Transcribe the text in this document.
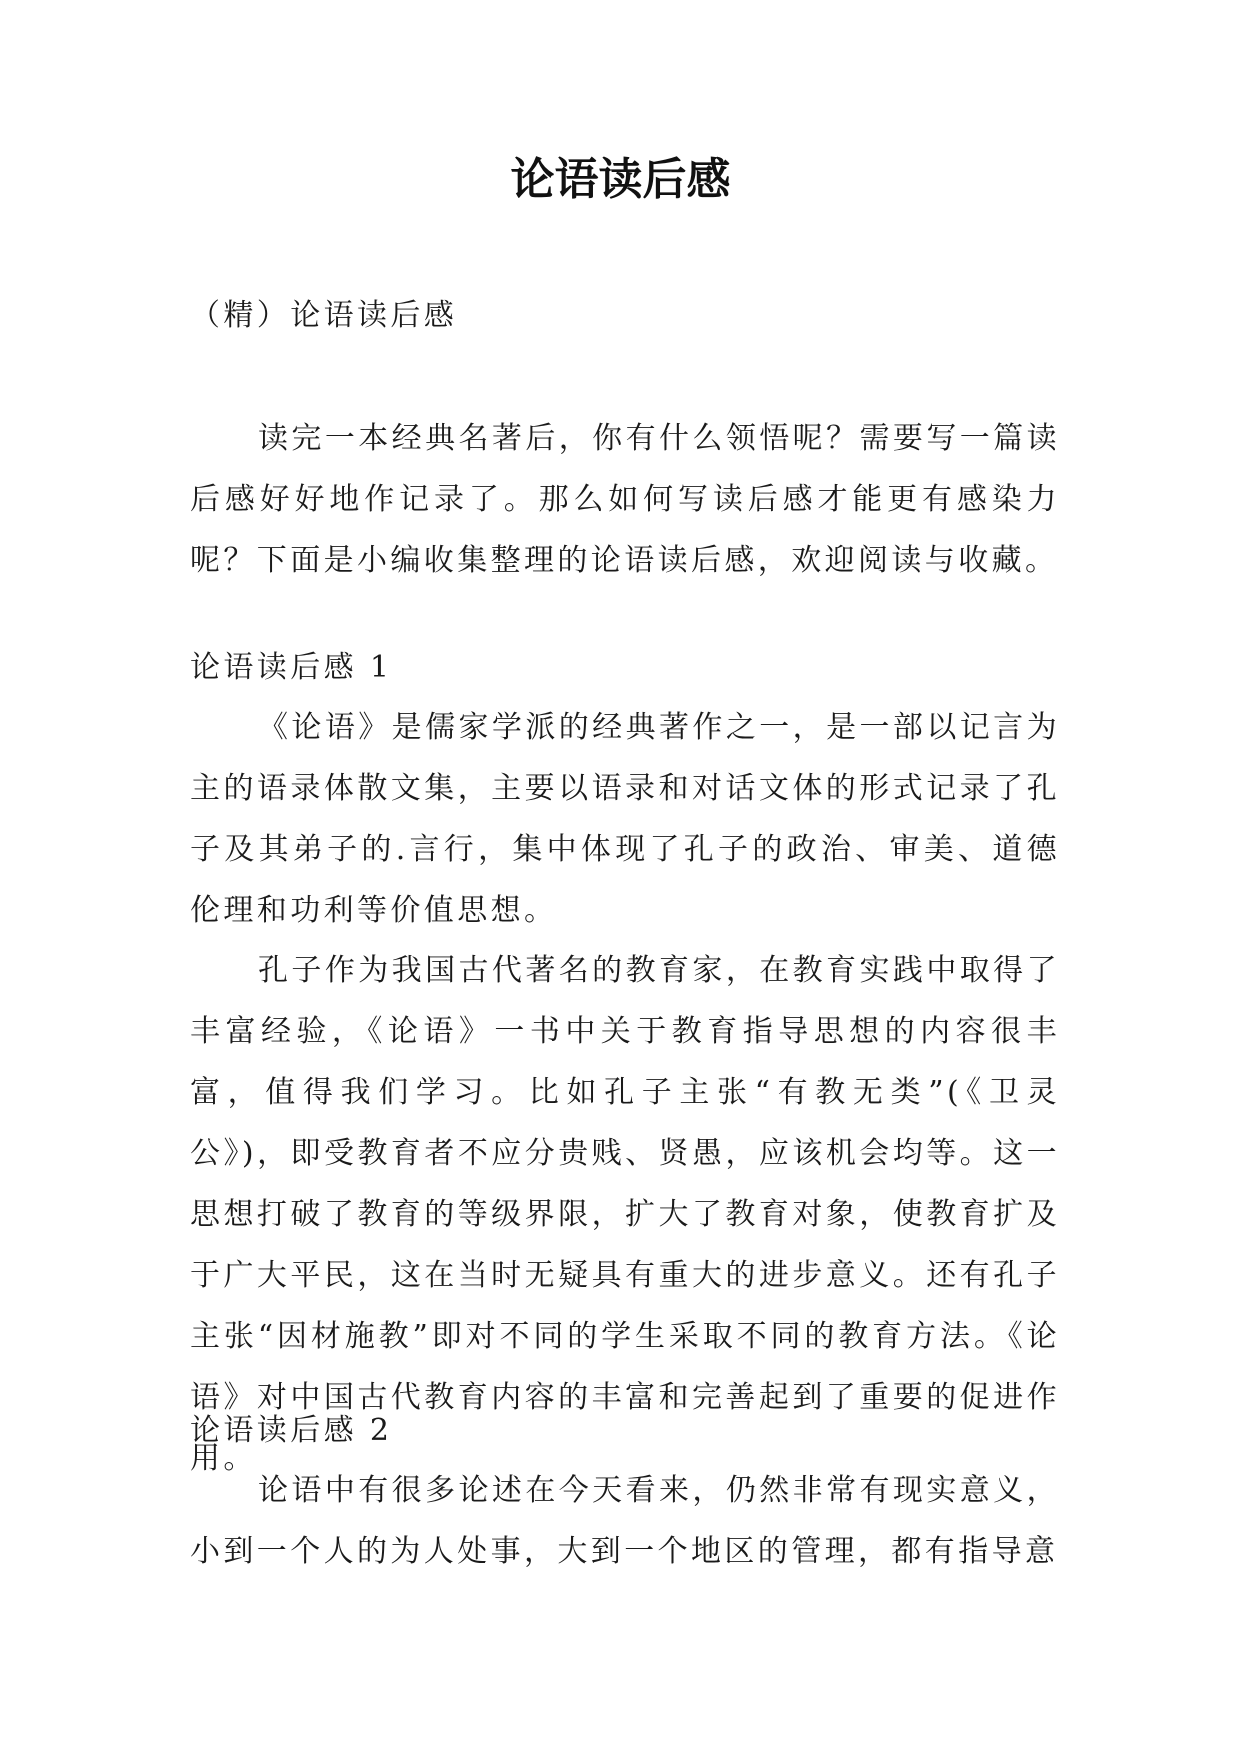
论语读后感

（精）论语读后感

读完一本经典名著后，你有什么领悟呢？需要写一篇读后感好好地作记录了。那么如何写读后感才能更有感染力呢？下面是小编收集整理的论语读后感，欢迎阅读与收藏。

论语读后感 1

《论语》是儒家学派的经典著作之一，是一部以记言为主的语录体散文集，主要以语录和对话文体的形式记录了孔子及其弟子的.言行，集中体现了孔子的政治、审美、道德伦理和功利等价值思想。

孔子作为我国古代著名的教育家，在教育实践中取得了丰富经验，《论语》一书中关于教育指导思想的内容很丰富，值得我们学习。比如孔子主张“有教无类”(《卫灵公》)，即受教育者不应分贵贱、贤愚，应该机会均等。这一思想打破了教育的等级界限，扩大了教育对象，使教育扩及于广大平民，这在当时无疑具有重大的进步意义。还有孔子主张“因材施教”即对不同的学生采取不同的教育方法。《论语》对中国古代教育内容的丰富和完善起到了重要的促进作用。

论语读后感 2

论语中有很多论述在今天看来，仍然非常有现实意义，小到一个人的为人处事，大到一个地区的管理，都有指导意
